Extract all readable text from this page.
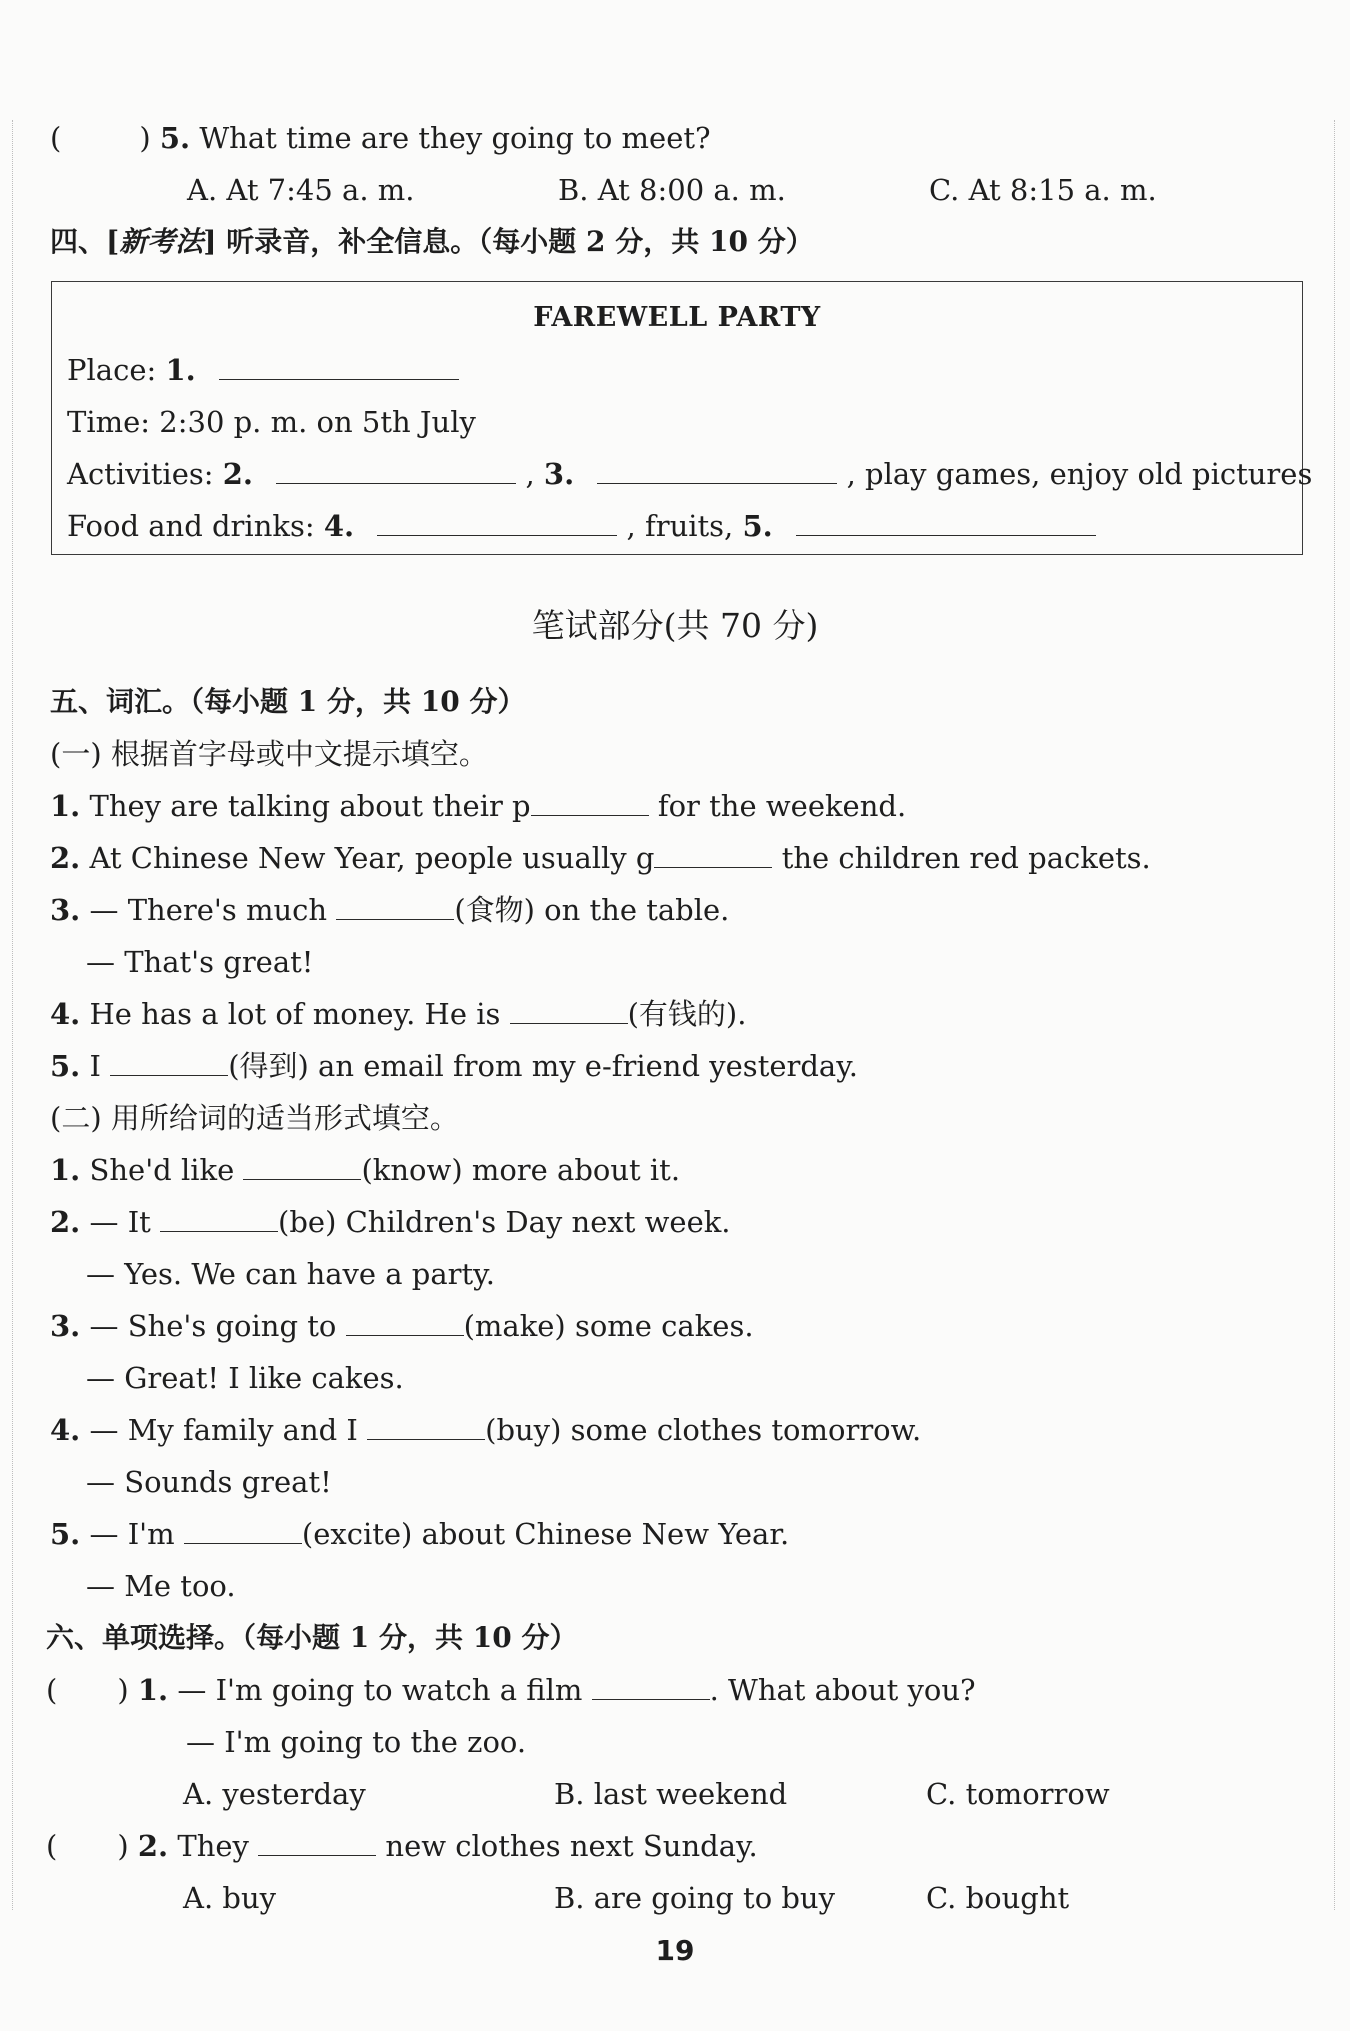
(	) 5. What time are they going to meet?
A. At 7:45 a. m.	B. At 8:00 a. m.	C. At 8:15 a. m.
四、[新考法] 听录音，补全信息。（每小题 2 分，共 10 分）
FAREWELL PARTY
Place: 1.
Time: 2:30 p. m. on 5th July
Activities: 2.	, 3.	, play games, enjoy old pictures
Food and drinks: 4.	, fruits, 5.
笔试部分(共 70 分)
五、词汇。（每小题 1 分，共 10 分）
(一) 根据首字母或中文提示填空。
1. They are talking about their p	for the weekend.
2. At Chinese New Year, people usually g	the children red packets.
3. — There's much	(食物) on the table.
— That's great!
4. He has a lot of money. He is	(有钱的).
5. I	(得到) an email from my e-friend yesterday.
(二) 用所给词的适当形式填空。
1. She'd like	(know) more about it.
2. — It	(be) Children's Day next week.
— Yes. We can have a party.
3. — She's going to	(make) some cakes.
— Great! I like cakes.
4. — My family and I	(buy) some clothes tomorrow.
— Sounds great!
5. — I'm	(excite) about Chinese New Year.
— Me too.
六、单项选择。（每小题 1 分，共 10 分）
( ) 1. — I'm going to watch a film	. What about you?
— I'm going to the zoo.
A. yesterday	B. last weekend	C. tomorrow
( ) 2. They	new clothes next Sunday.
A. buy	B. are going to buy	C. bought
19
